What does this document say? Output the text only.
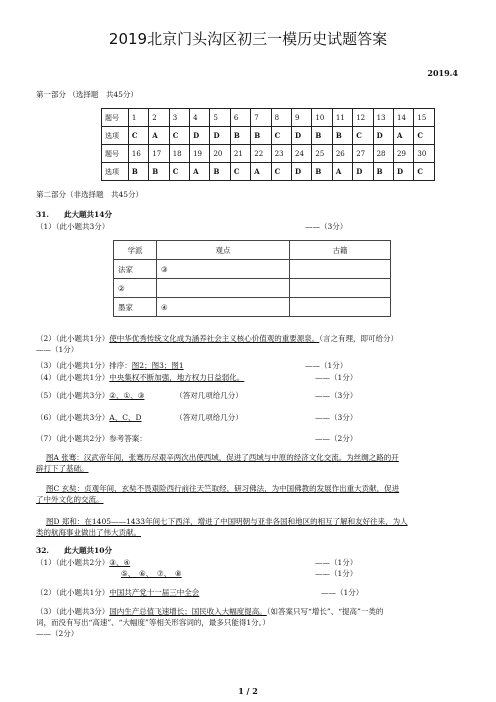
2019北京门头沟区初三一模历史试题答案
2019.4
第一部分 （选择题　共45分）
题号	1	2	3	4	5	6	7	8	9	10	11	12	13	14	15
选项	C	A	C	D	D	B	B	C	D	B	B	C	D	A	C
题号	16	17	18	19	20	21	22	23	24	25	26	27	28	29	30
选项	B	B	C	A	B	C	A	C	D	B	A	D	B	D	C
第二部分（非选择题　共45分）
31.　　此大题共14分
（1）（此小题共3分）	——（3分）
学派	观点	古籍
法家	③	
②		
墨家	④	
（2）（此小题共1分）使中华优秀传统文化成为涵养社会主义核心价值观的重要源泉。（言之有理，即可给分）
——（1分）
（3）（此小题共1分）排序：图2；图3；图1	——（1分）
（4）（此小题共1分）中央集权不断加强，地方权力日益弱化。	——（1分）
（5）（此小题共3分）②、①、③	（答对几项给几分）	——（3分）
（6）（此小题共3分）A、C、D	（答对几项给几分）	——（3分）
（7）（此小题共2分）参考答案：	——（2分）
图A 张骞：汉武帝年间，张骞历尽艰辛两次出使西域，促进了西域与中原的经济文化交流。为丝绸之路的开
辟打下了基础。
图C 玄奘：贞观年间，玄奘不畏艰险西行前往天竺取经，研习佛法，为中国佛教的发展作出重大贡献，促进
了中外文化的交流。
图D 郑和：在1405——1433年间七下西洋，增进了中国明朝与亚非各国和地区的相互了解和友好往来，为人
类的航海事业做出了伟大贡献。
32.　　此大题共10分
（1）（此小题共2分）③、④	——（1分）
⑤、　⑥、　⑦、　⑧	——（1分）
（2）（此小题共1分）中国共产党十一届三中全会	——（1分）
（3）（此小题共3分）国内生产总值飞速增长；国民收入大幅度提高。（如答案只写“增长”、“提高”一类的
词，而没有写出“高速”、“大幅度”等相关形容词的，最多只能得1分。）
——（2分）
1 / 2
